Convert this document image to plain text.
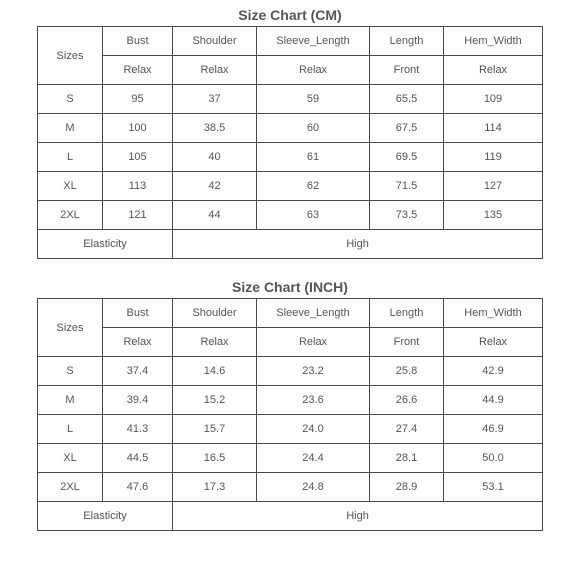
Size Chart (CM)
Sizes	Bust	Shoulder	Sleeve_Length	Length	Hem_Width
	Relax	Relax	Relax	Front	Relax
S	95	37	59	65.5	109
M	100	38.5	60	67.5	114
L	105	40	61	69.5	119
XL	113	42	62	71.5	127
2XL	121	44	63	73.5	135
Elasticity		High			
Size Chart (INCH)
Sizes	Bust	Shoulder	Sleeve_Length	Length	Hem_Width
	Relax	Relax	Relax	Front	Relax
S	37.4	14.6	23.2	25.8	42.9
M	39.4	15.2	23.6	26.6	44.9
L	41.3	15.7	24.0	27.4	46.9
XL	44.5	16.5	24.4	28.1	50.0
2XL	47.6	17.3	24.8	28.9	53.1
Elasticity		High			
